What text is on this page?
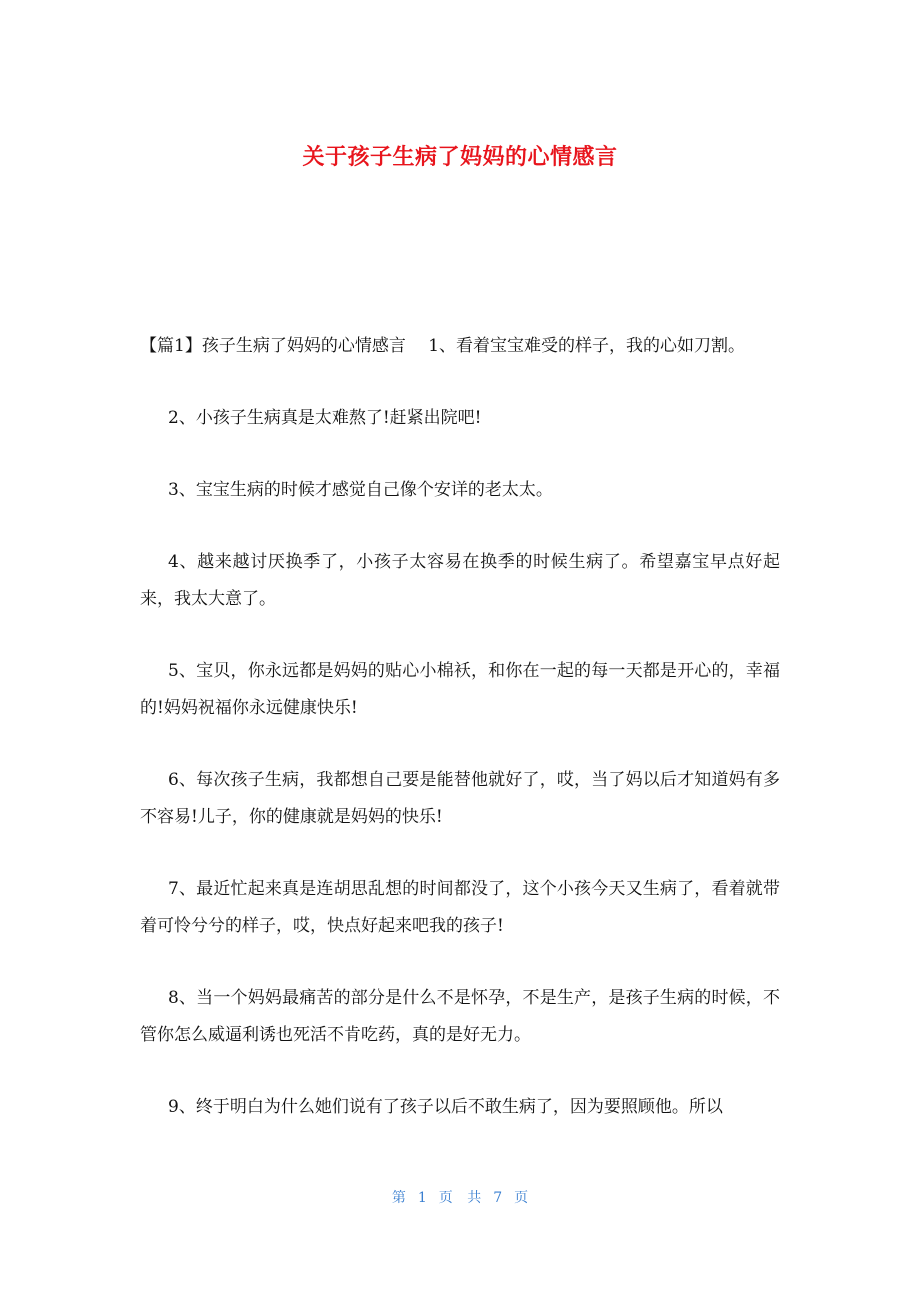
关于孩子生病了妈妈的心情感言

【篇1】孩子生病了妈妈的心情感言　 1、看着宝宝难受的样子，我的心如刀割。

2、小孩子生病真是太难熬了!赶紧出院吧!

3、宝宝生病的时候才感觉自己像个安详的老太太。

4、越来越讨厌换季了，小孩子太容易在换季的时候生病了。希望嘉宝早点好起来，我太大意了。

5、宝贝，你永远都是妈妈的贴心小棉袄，和你在一起的每一天都是开心的，幸福的!妈妈祝福你永远健康快乐!

6、每次孩子生病，我都想自己要是能替他就好了，哎，当了妈以后才知道妈有多不容易!儿子，你的健康就是妈妈的快乐!

7、最近忙起来真是连胡思乱想的时间都没了，这个小孩今天又生病了，看着就带着可怜兮兮的样子，哎，快点好起来吧我的孩子!

8、当一个妈妈最痛苦的部分是什么不是怀孕，不是生产，是孩子生病的时候，不管你怎么威逼利诱也死活不肯吃药，真的是好无力。

9、终于明白为什么她们说有了孩子以后不敢生病了，因为要照顾他。所以

第 1 页 共 7 页
